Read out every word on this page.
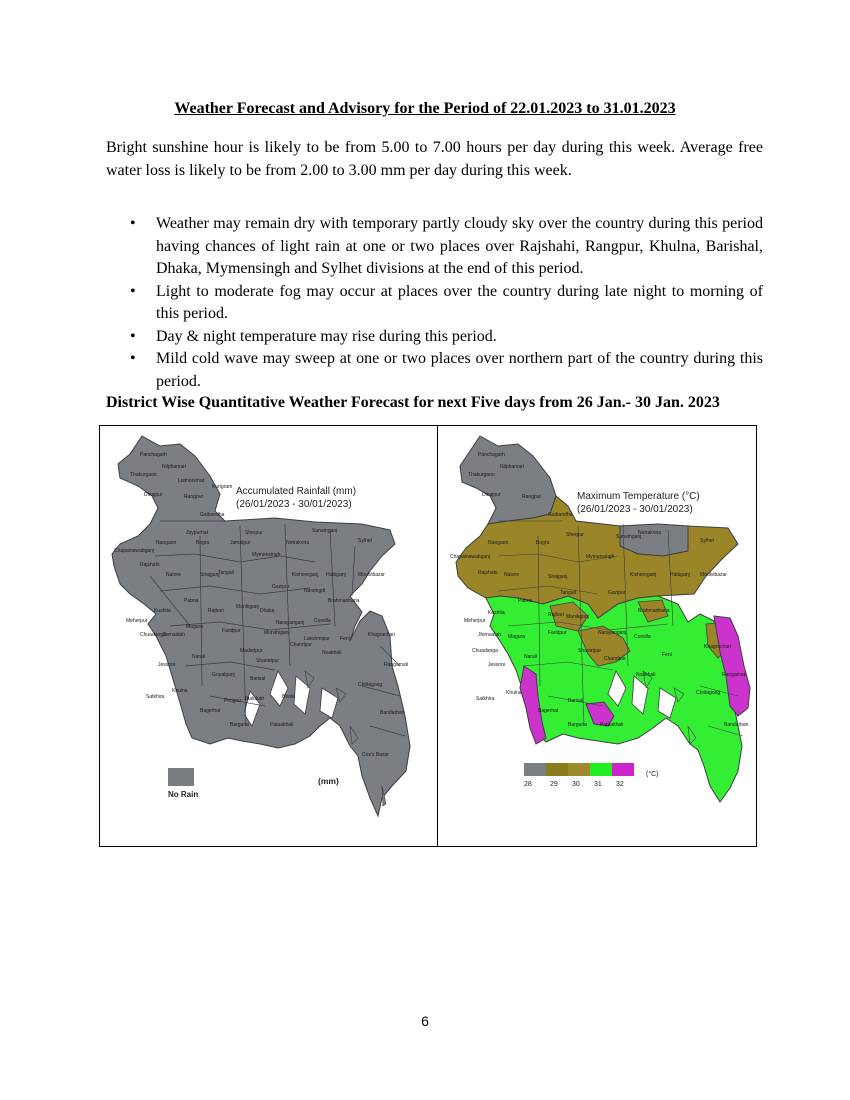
Weather Forecast and Advisory for the Period of 22.01.2023 to 31.01.2023
Bright sunshine hour is likely to be from 5.00 to 7.00 hours per day during this week. Average free water loss is likely to be from 2.00 to 3.00 mm per day during this week.
• Weather may remain dry with temporary partly cloudy sky over the country during this period having chances of light rain at one or two places over Rajshahi, Rangpur, Khulna, Barishal, Dhaka, Mymensingh and Sylhet divisions at the end of this period.
• Light to moderate fog may occur at places over the country during late night to morning of this period.
• Day & night temperature may rise during this period.
• Mild cold wave may sweep at one or two places over northern part of the country during this period.
District Wise Quantitative Weather Forecast for next Five days from 26 Jan.- 30 Jan. 2023
Panchagarh
Thakurgaon
Nilphamari
Lalmonirhat
Dinajpur	Rangpur
Gaibandha
Kurigram
Joypurhat
Naogaon	Bogra
Chapainawabganj
Rajshahi
Natore	Sirajganj
Jamalpur
Sherpur
Mymensingh
Netrakona
Sunamganj
Sylhet
Kishoreganj Habiganj Moulvibazar
Tangail
Gazipur
Narsingdi
Pabna
Kushtia
Meherpur
Chuadanga
Jhenaidah
Magura
Rajbari
Manikganj
Dhaka
Narayanganj
Brahmanbaria
Faridpur	Munshiganj
Madaripur
Shariatpur
Chandpur
Comilla
Jessore
Narail
Gopalganj
Satkhira
Khulna
Bagerhat
Pirojpur
Barisal
Jhalokati
Lakshmipur
Noakhali
Feni
Khagrachari
Rangamati
Chittagong
Bhola
Patuakhali
Barguna
Bandarban
Cox's Bazar
Accumulated Rainfall (mm)
(26/01/2023 - 30/01/2023)
No Rain
(mm)
ˌ
Panchagarh
Thakurgaon
Nilphamari
Dinajpur	Rangpur
Gaibandha
Sherpur	Sunamganj
Netrakona
Sylhet
Chapainawabganj
Naogaon	Bogra
Mymensingh
Moulvibazar
Rajshahi Natore	Sirajganj
Tangail
Kishoreganj	Habiganj
Pabna
Gazipur
Brahmanbaria
Kushtia	Rajbari Manikganj
Meherpur
Jhenaidah Magura
Faridpur	Narayanganj
Comilla
Chuadanga
Jessore
Narail
Shariatpur
Chandpur
Khagrachari
Satkhira
Khulna
Bagerhat
Barisal
Noakhali
Feni
Rangamati
Chittagong
Bandarban
Patuakhali
Barguna
Maximum Temperature (°C)
(26/01/2023 - 30/01/2023)
28	29 30 31 32
(°C)
6
